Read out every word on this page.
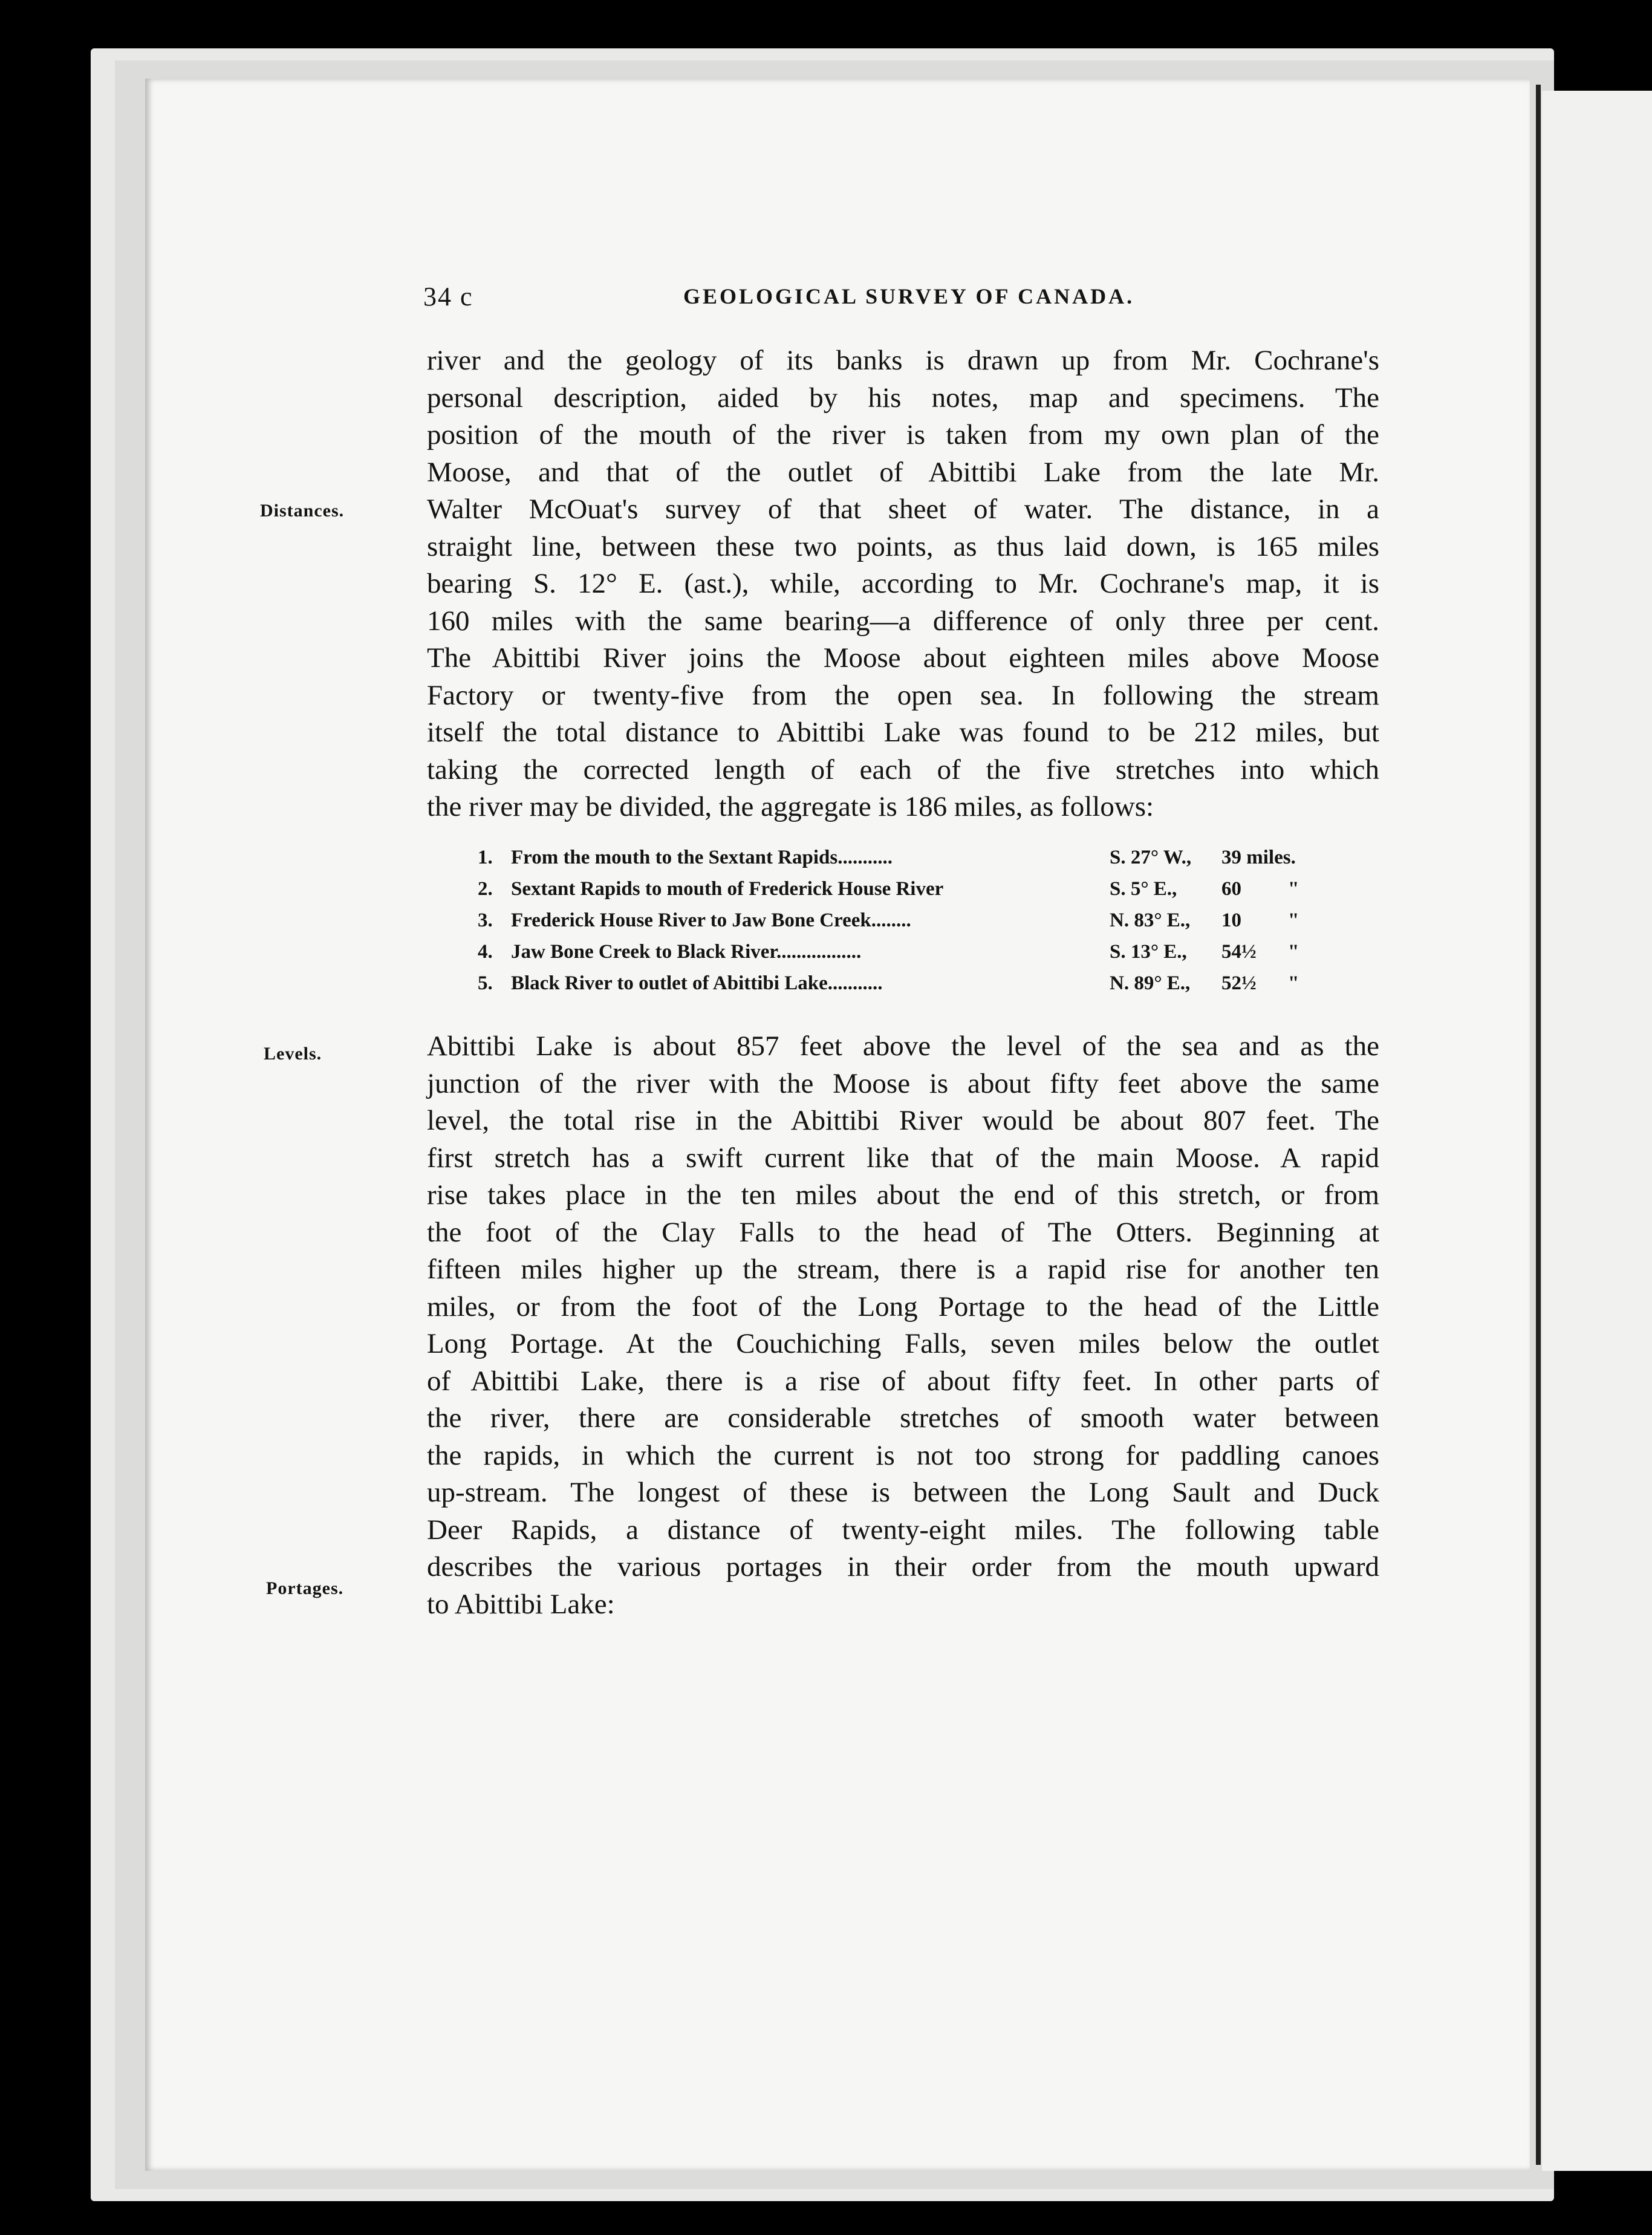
34 c	GEOLOGICAL SURVEY OF CANADA.
Distances.
Levels.
Portages.
river and the geology of its banks is drawn up from Mr. Cochrane's
personal description, aided by his notes, map and specimens. The
position of the mouth of the river is taken from my own plan of the
Moose, and that of the outlet of Abittibi Lake from the late Mr.
Walter McOuat's survey of that sheet of water. The distance, in a
straight line, between these two points, as thus laid down, is 165 miles
bearing S. 12° E. (ast.), while, according to Mr. Cochrane's map, it is
160 miles with the same bearing—a difference of only three per cent.
The Abittibi River joins the Moose about eighteen miles above Moose
Factory or twenty-five from the open sea. In following the stream
itself the total distance to Abittibi Lake was found to be 212 miles, but
taking the corrected length of each of the five stretches into which
the river may be divided, the aggregate is 186 miles, as follows:
1. From the mouth to the Sextant Rapids...........	S. 27° W., 39 miles.
2. Sextant Rapids to mouth of Frederick House River	S. 5° E., 60 "
3. Frederick House River to Jaw Bone Creek........	N. 83° E., 10 "
4. Jaw Bone Creek to Black River.................	S. 13° E., 54½ "
5. Black River to outlet of Abittibi Lake...........	N. 89° E., 52½ "
Abittibi Lake is about 857 feet above the level of the sea and as the
junction of the river with the Moose is about fifty feet above the same
level, the total rise in the Abittibi River would be about 807 feet. The
first stretch has a swift current like that of the main Moose. A rapid
rise takes place in the ten miles about the end of this stretch, or from
the foot of the Clay Falls to the head of The Otters. Beginning at
fifteen miles higher up the stream, there is a rapid rise for another ten
miles, or from the foot of the Long Portage to the head of the Little
Long Portage. At the Couchiching Falls, seven miles below the outlet
of Abittibi Lake, there is a rise of about fifty feet. In other parts of
the river, there are considerable stretches of smooth water between
the rapids, in which the current is not too strong for paddling canoes
up-stream. The longest of these is between the Long Sault and Duck
Deer Rapids, a distance of twenty-eight miles. The following table
describes the various portages in their order from the mouth upward
to Abittibi Lake:
